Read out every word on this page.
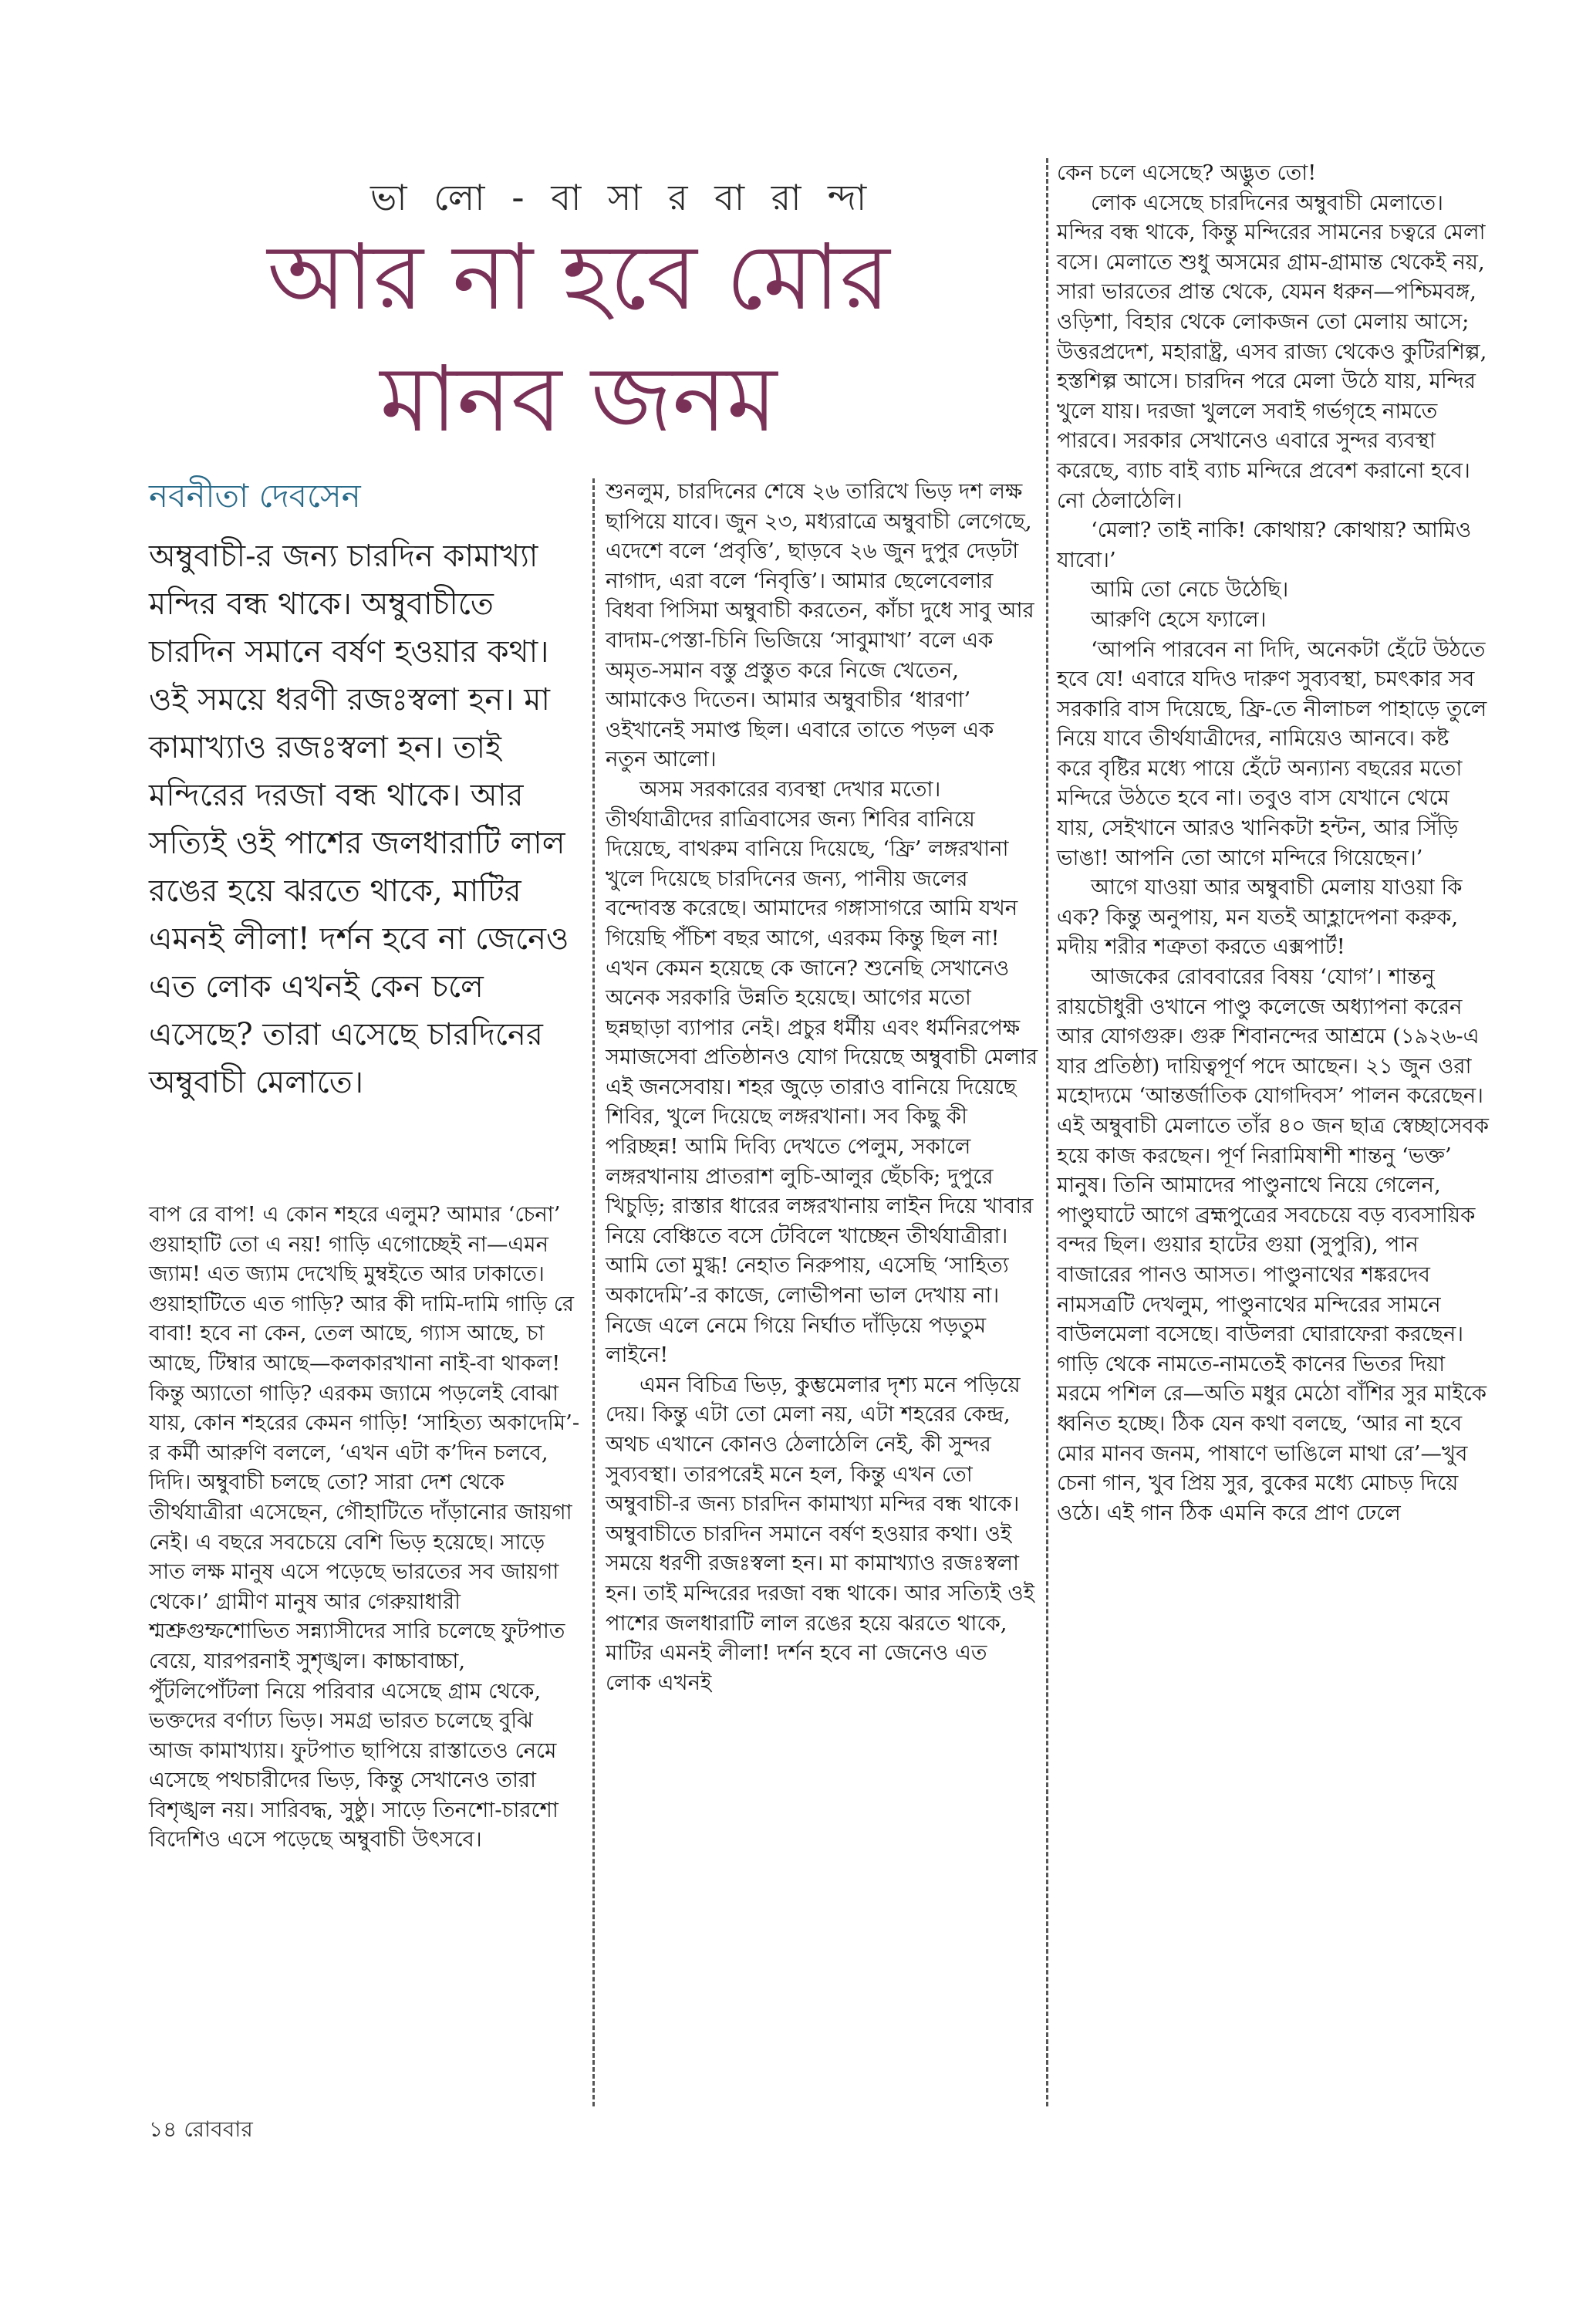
ভা লো - বা সা র বা রা ন্দা
আর না হবে মোর
মানব জনম
নবনীতা দেবসেন

অম্বুবাচী-র জন্য চারদিন কামাখ্যা মন্দির বন্ধ থাকে। অম্বুবাচীতে চারদিন সমানে বর্ষণ হওয়ার কথা। ওই সময়ে ধরণী রজঃস্বলা হন। মা কামাখ্যাও রজঃস্বলা হন। তাই মন্দিরের দরজা বন্ধ থাকে। আর সত্যিই ওই পাশের জলধারাটি লাল রঙের হয়ে ঝরতে থাকে, মাটির এমনই লীলা! দর্শন হবে না জেনেও এত লোক এখনই কেন চলে এসেছে? তারা এসেছে চারদিনের অম্বুবাচী মেলাতে।

বাপ রে বাপ! এ কোন শহরে এলুম? আমার ‘চেনা’ গুয়াহাটি তো এ নয়! গাড়ি এগোচ্ছেই না—এমন জ্যাম! এত জ্যাম দেখেছি মুম্বইতে আর ঢাকাতে। গুয়াহাটিতে এত গাড়ি? আর কী দামি-দামি গাড়ি রে বাবা! হবে না কেন, তেল আছে, গ্যাস আছে, চা আছে, টিম্বার আছে—কলকারখানা নাই-বা থাকল! কিন্তু অ্যাতো গাড়ি? এরকম জ্যামে পড়লেই বোঝা যায়, কোন শহরের কেমন গাড়ি! ‘সাহিত্য অকাদেমি’-র কর্মী আরুণি বললে, ‘এখন এটা ক’দিন চলবে, দিদি। অম্বুবাচী চলছে তো? সারা দেশ থেকে তীর্থযাত্রীরা এসেছেন, গৌহাটিতে দাঁড়ানোর জায়গা নেই। এ বছরে সবচেয়ে বেশি ভিড় হয়েছে। সাড়ে সাত লক্ষ মানুষ এসে পড়েছে ভারতের সব জায়গা থেকে।’ গ্রামীণ মানুষ আর গেরুয়াধারী শ্মশ্রুগুম্ফশোভিত সন্ন্যাসীদের সারি চলেছে ফুটপাত বেয়ে, যারপরনাই সুশৃঙ্খল। কাচ্চাবাচ্চা, পুঁটলিপোঁটলা নিয়ে পরিবার এসেছে গ্রাম থেকে, ভক্তদের বর্ণাঢ্য ভিড়। সমগ্র ভারত চলেছে বুঝি আজ কামাখ্যায়। ফুটপাত ছাপিয়ে রাস্তাতেও নেমে এসেছে পথচারীদের ভিড়, কিন্তু সেখানেও তারা বিশৃঙ্খল নয়। সারিবদ্ধ, সুষ্ঠু। সাড়ে তিনশো-চারশো বিদেশিও এসে পড়েছে অম্বুবাচী উৎসবে।

শুনলুম, চারদিনের শেষে ২৬ তারিখে ভিড় দশ লক্ষ ছাপিয়ে যাবে। জুন ২৩, মধ্যরাত্রে অম্বুবাচী লেগেছে, এদেশে বলে ‘প্রবৃত্তি’, ছাড়বে ২৬ জুন দুপুর দেড়টা নাগাদ, এরা বলে ‘নিবৃত্তি’। আমার ছেলেবেলার বিধবা পিসিমা অম্বুবাচী করতেন, কাঁচা দুধে সাবু আর বাদাম-পেস্তা-চিনি ভিজিয়ে ‘সাবুমাখা’ বলে এক অমৃত-সমান বস্তু প্রস্তুত করে নিজে খেতেন, আমাকেও দিতেন। আমার অম্বুবাচীর ‘ধারণা’ ওইখানেই সমাপ্ত ছিল। এবারে তাতে পড়ল এক নতুন আলো।

অসম সরকারের ব্যবস্থা দেখার মতো। তীর্থযাত্রীদের রাত্রিবাসের জন্য শিবির বানিয়ে দিয়েছে, বাথরুম বানিয়ে দিয়েছে, ‘ফ্রি’ লঙ্গরখানা খুলে দিয়েছে চারদিনের জন্য, পানীয় জলের বন্দোবস্ত করেছে। আমাদের গঙ্গাসাগরে আমি যখন গিয়েছি পঁচিশ বছর আগে, এরকম কিন্তু ছিল না! এখন কেমন হয়েছে কে জানে? শুনেছি সেখানেও অনেক সরকারি উন্নতি হয়েছে। আগের মতো ছন্নছাড়া ব্যাপার নেই। প্রচুর ধর্মীয় এবং ধর্মনিরপেক্ষ সমাজসেবা প্রতিষ্ঠানও যোগ দিয়েছে অম্বুবাচী মেলার এই জনসেবায়। শহর জুড়ে তারাও বানিয়ে দিয়েছে শিবির, খুলে দিয়েছে লঙ্গরখানা। সব কিছু কী পরিচ্ছন্ন! আমি দিব্যি দেখতে পেলুম, সকালে লঙ্গরখানায় প্রাতরাশ লুচি-আলুর ছেঁচকি; দুপুরে খিচুড়ি; রাস্তার ধারের লঙ্গরখানায় লাইন দিয়ে খাবার নিয়ে বেঞ্চিতে বসে টেবিলে খাচ্ছেন তীর্থযাত্রীরা। আমি তো মুগ্ধ! নেহাত নিরুপায়, এসেছি ‘সাহিত্য অকাদেমি’-র কাজে, লোভীপনা ভাল দেখায় না। নিজে এলে নেমে গিয়ে নির্ঘাত দাঁড়িয়ে পড়তুম লাইনে!

এমন বিচিত্র ভিড়, কুম্ভমেলার দৃশ্য মনে পড়িয়ে দেয়। কিন্তু এটা তো মেলা নয়, এটা শহরের কেন্দ্র, অথচ এখানে কোনও ঠেলাঠেলি নেই, কী সুন্দর সুব্যবস্থা। তারপরেই মনে হল, কিন্তু এখন তো অম্বুবাচী-র জন্য চারদিন কামাখ্যা মন্দির বন্ধ থাকে। অম্বুবাচীতে চারদিন সমানে বর্ষণ হওয়ার কথা। ওই সময়ে ধরণী রজঃস্বলা হন। মা কামাখ্যাও রজঃস্বলা হন। তাই মন্দিরের দরজা বন্ধ থাকে। আর সত্যিই ওই পাশের জলধারাটি লাল রঙের হয়ে ঝরতে থাকে, মাটির এমনই লীলা! দর্শন হবে না জেনেও এত লোক এখনই

কেন চলে এসেছে? অদ্ভুত তো!

লোক এসেছে চারদিনের অম্বুবাচী মেলাতে। মন্দির বন্ধ থাকে, কিন্তু মন্দিরের সামনের চত্বরে মেলা বসে। মেলাতে শুধু অসমের গ্রাম-গ্রামান্ত থেকেই নয়, সারা ভারতের প্রান্ত থেকে, যেমন ধরুন—পশ্চিমবঙ্গ, ওড়িশা, বিহার থেকে লোকজন তো মেলায় আসে; উত্তরপ্রদেশ, মহারাষ্ট্র, এসব রাজ্য থেকেও কুটিরশিল্প, হস্তশিল্প আসে। চারদিন পরে মেলা উঠে যায়, মন্দির খুলে যায়। দরজা খুললে সবাই গর্ভগৃহে নামতে পারবে। সরকার সেখানেও এবারে সুন্দর ব্যবস্থা করেছে, ব্যাচ বাই ব্যাচ মন্দিরে প্রবেশ করানো হবে। নো ঠেলাঠেলি।

‘মেলা? তাই নাকি! কোথায়? কোথায়? আমিও যাবো।’

আমি তো নেচে উঠেছি।

আরুণি হেসে ফ্যালে।

‘আপনি পারবেন না দিদি, অনেকটা হেঁটে উঠতে হবে যে! এবারে যদিও দারুণ সুব্যবস্থা, চমৎকার সব সরকারি বাস দিয়েছে, ফ্রি-তে নীলাচল পাহাড়ে তুলে নিয়ে যাবে তীর্থযাত্রীদের, নামিয়েও আনবে। কষ্ট করে বৃষ্টির মধ্যে পায়ে হেঁটে অন্যান্য বছরের মতো মন্দিরে উঠতে হবে না। তবুও বাস যেখানে থেমে যায়, সেইখানে আরও খানিকটা হন্টন, আর সিঁড়ি ভাঙা! আপনি তো আগে মন্দিরে গিয়েছেন।’

আগে যাওয়া আর অম্বুবাচী মেলায় যাওয়া কি এক? কিন্তু অনুপায়, মন যতই আহ্লাদেপনা করুক, মদীয় শরীর শত্রুতা করতে এক্সপার্ট!

আজকের রোববারের বিষয় ‘যোগ’। শান্তনু রায়চৌধুরী ওখানে পাণ্ডু কলেজে অধ্যাপনা করেন আর যোগগুরু। গুরু শিবানন্দের আশ্রমে (১৯২৬-এ যার প্রতিষ্ঠা) দায়িত্বপূর্ণ পদে আছেন। ২১ জুন ওরা মহোদ্যমে ‘আন্তর্জাতিক যোগদিবস’ পালন করেছেন। এই অম্বুবাচী মেলাতে তাঁর ৪০ জন ছাত্র স্বেচ্ছাসেবক হয়ে কাজ করছেন। পূর্ণ নিরামিষাশী শান্তনু ‘ভক্ত’ মানুষ। তিনি আমাদের পাণ্ডুনাথে নিয়ে গেলেন, পাণ্ডুঘাটে আগে ব্রহ্মপুত্রের সবচেয়ে বড় ব্যবসায়িক বন্দর ছিল। গুয়ার হাটের গুয়া (সুপুরি), পান বাজারের পানও আসত। পাণ্ডুনাথের শঙ্করদেব নামসত্রটি দেখলুম, পাণ্ডুনাথের মন্দিরের সামনে বাউলমেলা বসেছে। বাউলরা ঘোরাফেরা করছেন। গাড়ি থেকে নামতে-নামতেই কানের ভিতর দিয়া মরমে পশিল রে—অতি মধুর মেঠো বাঁশির সুর মাইকে ধ্বনিত হচ্ছে। ঠিক যেন কথা বলছে, ‘আর না হবে মোর মানব জনম, পাষাণে ভাঙিলে মাথা রে’—খুব চেনা গান, খুব প্রিয় সুর, বুকের মধ্যে মোচড় দিয়ে ওঠে। এই গান ঠিক এমনি করে প্রাণ ঢেলে

১৪ রোববার
